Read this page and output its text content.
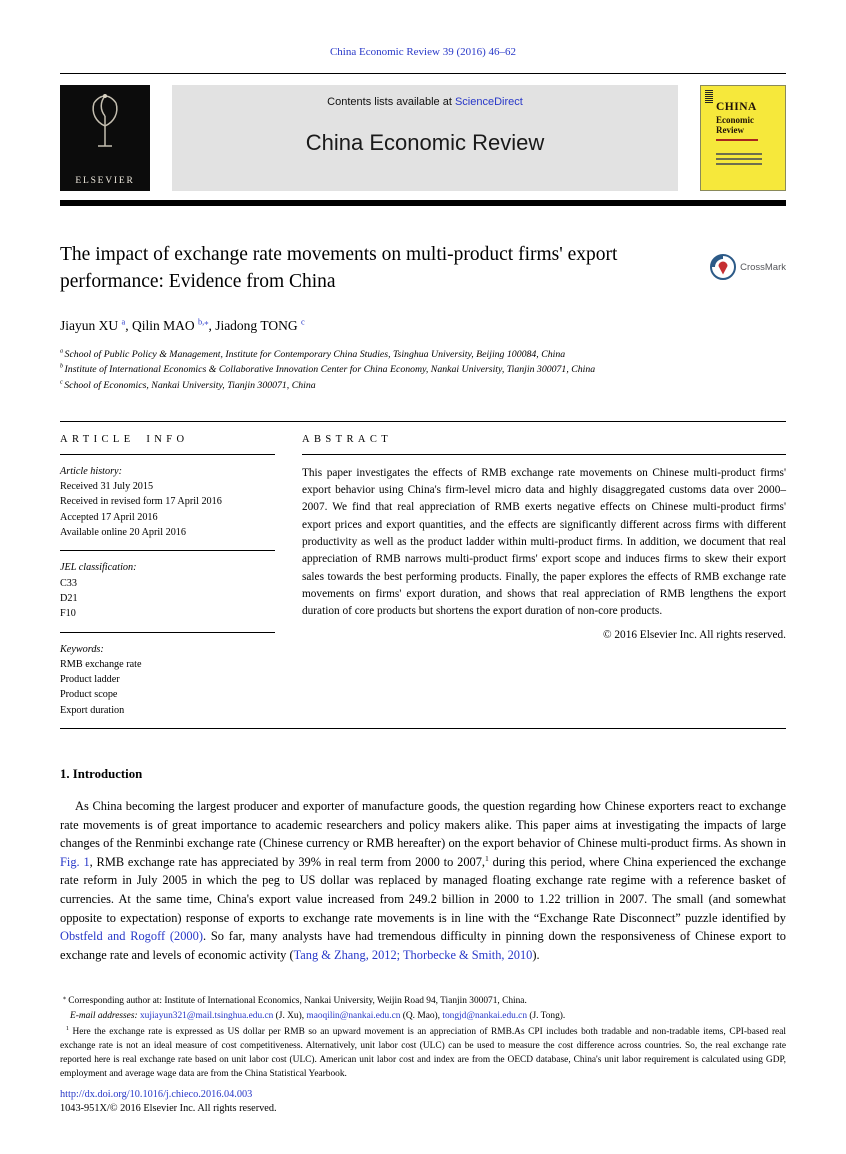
China Economic Review 39 (2016) 46–62
ELSEVIER
Contents lists available at ScienceDirect
China Economic Review
CHINA
Economic
Review
The impact of exchange rate movements on multi-product firms' export performance: Evidence from China
CrossMark
Jiayun XU $^a$, Qilin MAO $^{b,⁎}$, Jiadong TONG $^c$
$^a$ School of Public Policy & Management, Institute for Contemporary China Studies, Tsinghua University, Beijing 100084, China
$^b$ Institute of International Economics & Collaborative Innovation Center for China Economy, Nankai University, Tianjin 300071, China
$^c$ School of Economics, Nankai University, Tianjin 300071, China
ARTICLE INFO
Article history:
Received 31 July 2015
Received in revised form 17 April 2016
Accepted 17 April 2016
Available online 20 April 2016
JEL classification:
C33
D21
F10
Keywords:
RMB exchange rate
Product ladder
Product scope
Export duration
ABSTRACT

This paper investigates the effects of RMB exchange rate movements on Chinese multi-product firms' export behavior using China's firm-level micro data and highly disaggregated customs data over 2000–2007. We find that real appreciation of RMB exerts negative effects on Chinese multi-product firms' export prices and export quantities, and the effects are significantly different across firms with different productivity as well as the product ladder within multi-product firms. In addition, we document that real appreciation of RMB narrows multi-product firms' export scope and induces firms to skew their export sales towards the best performing products. Finally, the paper explores the effects of RMB exchange rate movements on firms' export duration, and shows that real appreciation of RMB lengthens the export duration of core products but shortens the export duration of non-core products.

© 2016 Elsevier Inc. All rights reserved.
1. Introduction

As China becoming the largest producer and exporter of manufacture goods, the question regarding how Chinese exporters react to exchange rate movements is of great importance to academic researchers and policy makers alike. This paper aims at investigating the impacts of large changes of the Renminbi exchange rate (Chinese currency or RMB hereafter) on the export behavior of Chinese multi-product firms. As shown in Fig. 1, RMB exchange rate has appreciated by 39% in real term from 2000 to 2007,$^1$ during this period, where China experienced the exchange rate reform in July 2005 in which the peg to US dollar was replaced by managed floating exchange rate regime with a reference basket of currencies. At the same time, China's export value increased from 249.2 billion in 2000 to 1.22 trillion in 2007. The small (and somewhat opposite to expectation) response of exports to exchange rate movements is in line with the “Exchange Rate Disconnect” puzzle identified by Obstfeld and Rogoff (2000). So far, many analysts have had tremendous difficulty in pinning down the responsiveness of Chinese export to exchange rate and levels of economic activity (Tang & Zhang, 2012; Thorbecke & Smith, 2010).

⁎ Corresponding author at: Institute of International Economics, Nankai University, Weijin Road 94, Tianjin 300071, China.

E-mail addresses: xujiayun321@mail.tsinghua.edu.cn (J. Xu), maoqilin@nankai.edu.cn (Q. Mao), tongjd@nankai.edu.cn (J. Tong).

$^1$ Here the exchange rate is expressed as US dollar per RMB so an upward movement is an appreciation of RMB.As CPI includes both tradable and non-tradable items, CPI-based real exchange rate is not an ideal measure of cost competitiveness. Alternatively, unit labor cost (ULC) can be used to measure the cost difference across countries. So, the real exchange rate reported here is real exchange rate based on unit labor cost (ULC). American unit labor cost and index are from the OECD database, China's unit labor requirement is calculated using GDP, employment and average wage data are from the China Statistical Yearbook.

http://dx.doi.org/10.1016/j.chieco.2016.04.003
1043-951X/© 2016 Elsevier Inc. All rights reserved.
